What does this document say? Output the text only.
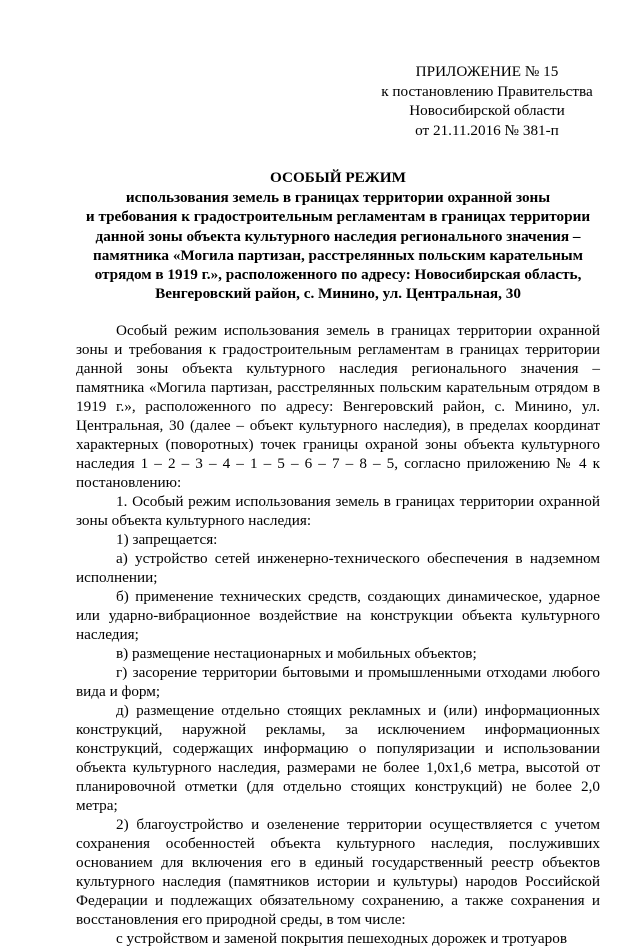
ПРИЛОЖЕНИЕ № 15
к постановлению Правительства
Новосибирской области
от 21.11.2016 № 381-п
ОСОБЫЙ РЕЖИМ
использования земель в границах территории охранной зоны
и требования к градостроительным регламентам в границах территории
данной зоны объекта культурного наследия регионального значения –
памятника «Могила партизан, расстрелянных польским карательным
отрядом в 1919 г.», расположенного по адресу: Новосибирская область,
Венгеровский район, с. Минино, ул. Центральная, 30

Особый режим использования земель в границах территории охранной зоны и требования к градостроительным регламентам в границах территории данной зоны объекта культурного наследия регионального значения – памятника «Могила партизан, расстрелянных польским карательным отрядом в 1919 г.», расположенного по адресу: Венгеровский район, с. Минино, ул. Центральная, 30 (далее – объект культурного наследия), в пределах координат характерных (поворотных) точек границы охраной зоны объекта культурного наследия 1 – 2 – 3 – 4 – 1 – 5 – 6 – 7 – 8 – 5, согласно приложению № 4 к постановлению:

1. Особый режим использования земель в границах территории охранной зоны объекта культурного наследия:

1) запрещается:

а) устройство сетей инженерно-технического обеспечения в надземном исполнении;

б) применение технических средств, создающих динамическое, ударное или ударно-вибрационное воздействие на конструкции объекта культурного наследия;

в) размещение нестационарных и мобильных объектов;

г) засорение территории бытовыми и промышленными отходами любого вида и форм;

д) размещение отдельно стоящих рекламных и (или) информационных конструкций, наружной рекламы, за исключением информационных конструкций, содержащих информацию о популяризации и использовании объекта культурного наследия, размерами не более 1,0х1,6 метра, высотой от планировочной отметки (для отдельно стоящих конструкций) не более 2,0 метра;

2) благоустройство и озеленение территории осуществляется с учетом сохранения особенностей объекта культурного наследия, послуживших основанием для включения его в единый государственный реестр объектов культурного наследия (памятников истории и культуры) народов Российской Федерации и подлежащих обязательному сохранению, а также сохранения и восстановления его природной среды, в том числе:

с устройством и заменой покрытия пешеходных дорожек и тротуаров
